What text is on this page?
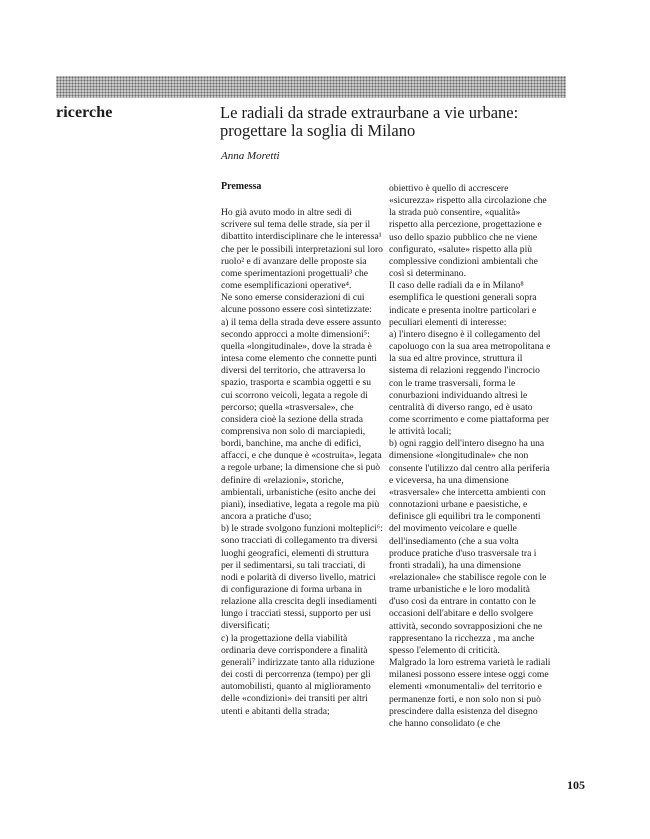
ricerche	Le radiali da strade extraurbane a vie urbane:
progettare la soglia di Milano
Anna Moretti
Premessa

Ho già avuto modo in altre sedi di scrivere sul tema delle strade, sia per il dibattito interdisciplinare che le interessa¹ che per le possibili interpretazioni sul loro ruolo² e di avanzare delle proposte sia come sperimentazioni progettuali³ che come esemplificazioni operative⁴.

Ne sono emerse considerazioni di cui alcune possono essere così sintetizzate:

a) il tema della strada deve essere assunto secondo approcci a molte dimensioni⁵: quella «longitudinale», dove la strada è intesa come elemento che connette punti diversi del territorio, che attraversa lo spazio, trasporta e scambia oggetti e su cui scorrono veicoli, legata a regole di percorso; quella «trasversale», che considera cioè la sezione della strada comprensiva non solo di marciapiedi, bordi, banchine, ma anche di edifici, affacci, e che dunque è «costruita», legata a regole urbane; la dimensione che si può definire di «relazioni», storiche, ambientali, urbanistiche (esito anche dei piani), insediative, legata a regole ma più ancora a pratiche d'uso;

b) le strade svolgono funzioni molteplici⁶: sono tracciati di collegamento tra diversi luoghi geografici, elementi di struttura per il sedimentarsi, su tali tracciati, di nodi e polarità di diverso livello, matrici di configurazione di forma urbana in relazione alla crescita degli insediamenti lungo i tracciati stessi, supporto per usi diversificati;

c) la progettazione della viabilità ordinaria deve corrispondere a finalità generali⁷ indirizzate tanto alla riduzione dei costi di percorrenza (tempo) per gli automobilisti, quanto al miglioramento delle «condizioni» dei transiti per altri utenti e abitanti della strada;

obiettivo è quello di accrescere «sicurezza» rispetto alla circolazione che la strada può consentire, «qualità» rispetto alla percezione, progettazione e uso dello spazio pubblico che ne viene configurato, «salute» rispetto alla più complessive condizioni ambientali che così si determinano.

Il caso delle radiali da e in Milano⁸ esemplifica le questioni generali sopra indicate e presenta inoltre particolari e peculiari elementi di interesse:

a) l'intero disegno è il collegamento del capoluogo con la sua area metropolitana e la sua ed altre province, struttura il sistema di relazioni reggendo l'incrocio con le trame trasversali, forma le conurbazioni individuando altresì le centralità di diverso rango, ed è usato come scorrimento e come piattaforma per le attività locali;

b) ogni raggio dell'intero disegno ha una dimensione «longitudinale» che non consente l'utilizzo dal centro alla periferia e viceversa, ha una dimensione «trasversale» che intercetta ambienti con connotazioni urbane e paesistiche, e definisce gli equilibri tra le componenti del movimento veicolare e quelle dell'insediamento (che a sua volta produce pratiche d'uso trasversale tra i fronti stradali), ha una dimensione «relazionale» che stabilisce regole con le trame urbanistiche e le loro modalità d'uso così da entrare in contatto con le occasioni dell'abitare e dello svolgere attività, secondo sovrapposizioni che ne rappresentano la ricchezza , ma anche spesso l'elemento di criticità.

Malgrado la loro estrema varietà le radiali milanesi possono essere intese oggi come elementi «monumentali» del territorio e permanenze forti, e non solo non si può prescindere dalla esistenza del disegno che hanno consolidato (e che

105
